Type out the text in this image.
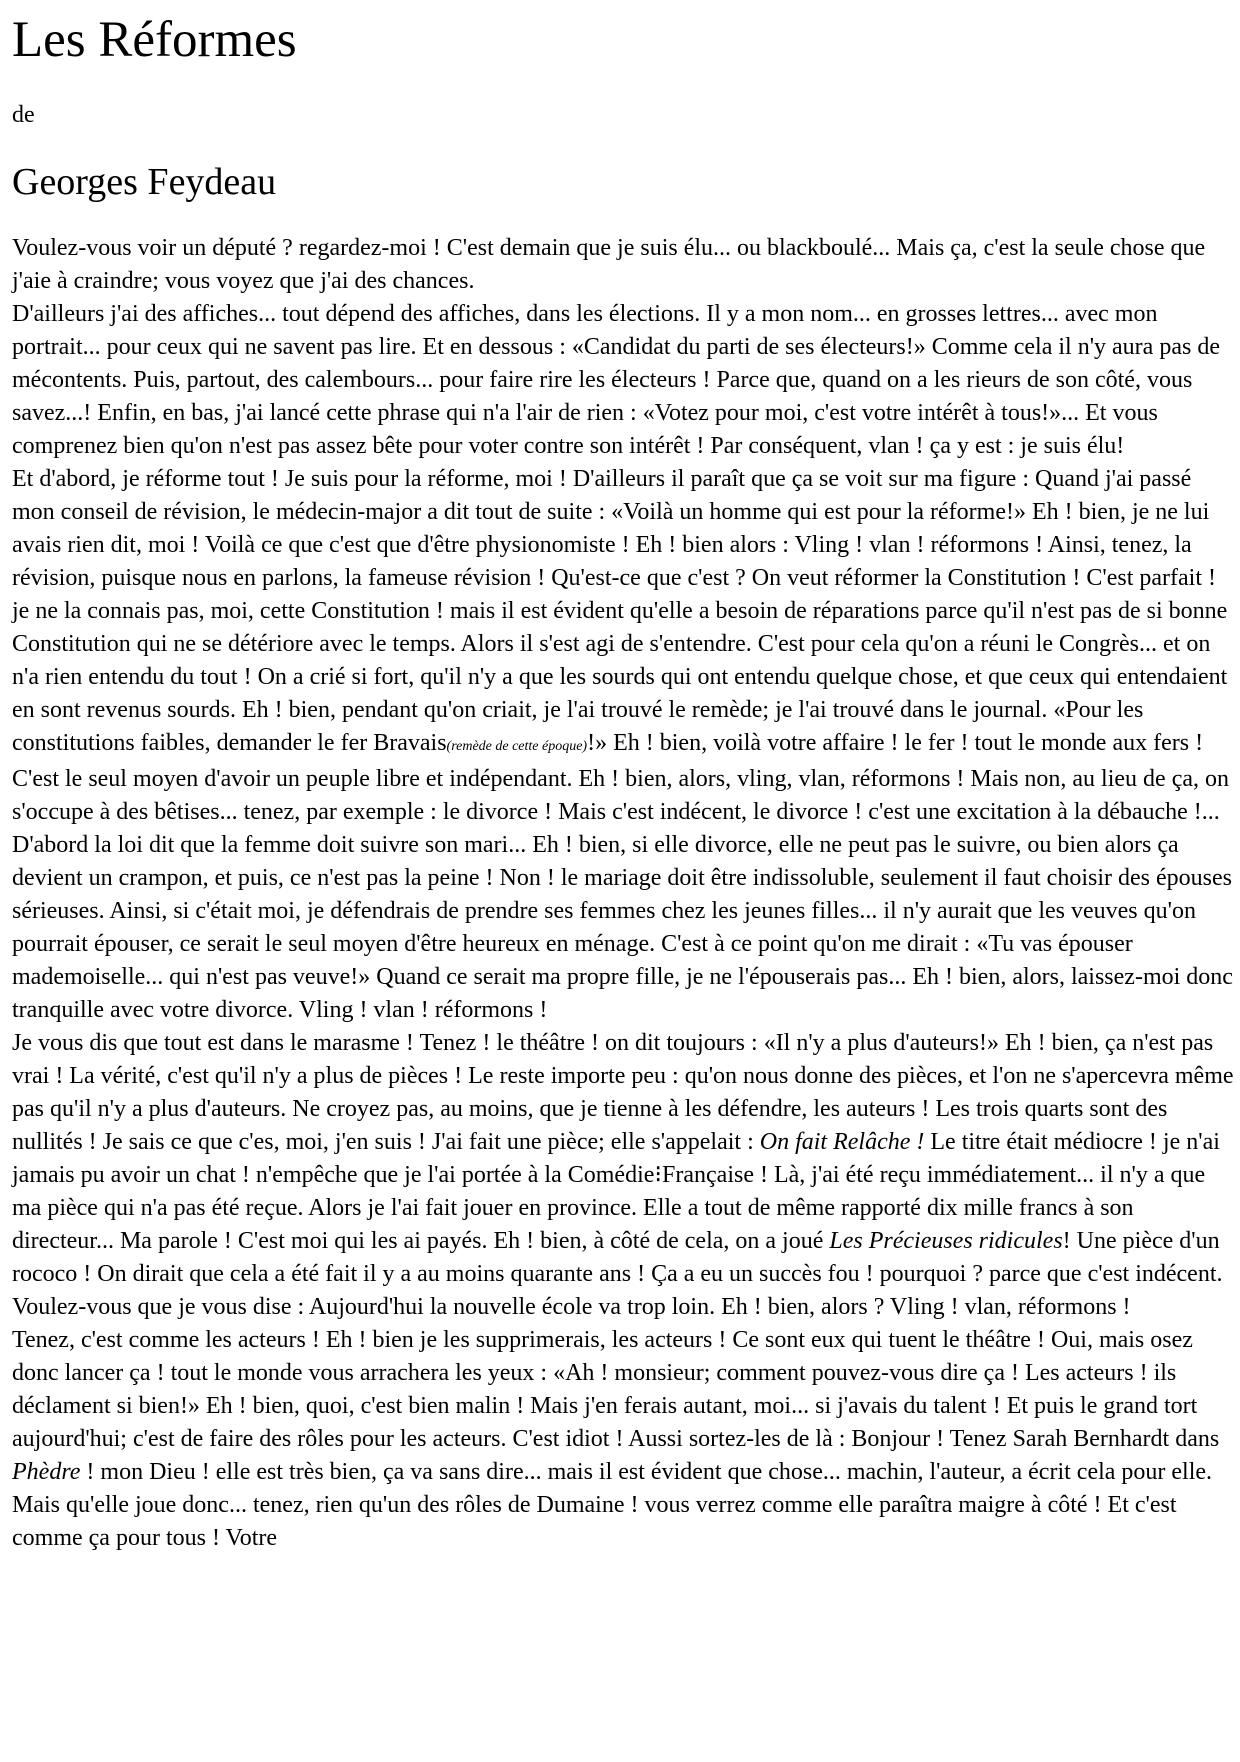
Les Réformes
de
Georges Feydeau
Voulez-vous voir un député ? regardez-moi ! C'est demain que je suis élu... ou blackboulé... Mais ça, c'est la seule chose que j'aie à craindre; vous voyez que j'ai des chances.
D'ailleurs j'ai des affiches... tout dépend des affiches, dans les élections. Il y a mon nom... en grosses lettres... avec mon portrait... pour ceux qui ne savent pas lire. Et en dessous : «Candidat du parti de ses électeurs!» Comme cela il n'y aura pas de mécontents. Puis, partout, des calembours... pour faire rire les électeurs ! Parce que, quand on a les rieurs de son côté, vous savez...! Enfin, en bas, j'ai lancé cette phrase qui n'a l'air de rien : «Votez pour moi, c'est votre intérêt à tous!»... Et vous comprenez bien qu'on n'est pas assez bête pour voter contre son intérêt ! Par conséquent, vlan ! ça y est : je suis élu!
Et d'abord, je réforme tout ! Je suis pour la réforme, moi ! D'ailleurs il paraît que ça se voit sur ma figure : Quand j'ai passé mon conseil de révision, le médecin-major a dit tout de suite : «Voilà un homme qui est pour la réforme!» Eh ! bien, je ne lui avais rien dit, moi ! Voilà ce que c'est que d'être physionomiste ! Eh ! bien alors : Vling ! vlan ! réformons ! Ainsi, tenez, la révision, puisque nous en parlons, la fameuse révision ! Qu'est-ce que c'est ? On veut réformer la Constitution ! C'est parfait ! je ne la connais pas, moi, cette Constitution ! mais il est évident qu'elle a besoin de réparations parce qu'il n'est pas de si bonne Constitution qui ne se détériore avec le temps. Alors il s'est agi de s'entendre. C'est pour cela qu'on a réuni le Congrès... et on n'a rien entendu du tout ! On a crié si fort, qu'il n'y a que les sourds qui ont entendu quelque chose, et que ceux qui entendaient en sont revenus sourds. Eh ! bien, pendant qu'on criait, je l'ai trouvé le remède; je l'ai trouvé dans le journal. «Pour les constitutions faibles, demander le fer Bravais(remède de cette époque)!» Eh ! bien, voilà votre affaire ! le fer ! tout le monde aux fers ! C'est le seul moyen d'avoir un peuple libre et indépendant. Eh ! bien, alors, vling, vlan, réformons ! Mais non, au lieu de ça, on s'occupe à des bêtises... tenez, par exemple : le divorce ! Mais c'est indécent, le divorce ! c'est une excitation à la débauche !... D'abord la loi dit que la femme doit suivre son mari... Eh ! bien, si elle divorce, elle ne peut pas le suivre, ou bien alors ça devient un crampon, et puis, ce n'est pas la peine ! Non ! le mariage doit être indissoluble, seulement il faut choisir des épouses sérieuses. Ainsi, si c'était moi, je défendrais de prendre ses femmes chez les jeunes filles... il n'y aurait que les veuves qu'on pourrait épouser, ce serait le seul moyen d'être heureux en ménage. C'est à ce point qu'on me dirait : «Tu vas épouser mademoiselle... qui n'est pas veuve!» Quand ce serait ma propre fille, je ne l'épouserais pas... Eh ! bien, alors, laissez-moi donc tranquille avec votre divorce. Vling ! vlan ! réformons !
Je vous dis que tout est dans le marasme ! Tenez ! le théâtre ! on dit toujours : «Il n'y a plus d'auteurs!» Eh ! bien, ça n'est pas vrai ! La vérité, c'est qu'il n'y a plus de pièces ! Le reste importe peu : qu'on nous donne des pièces, et l'on ne s'apercevra même pas qu'il n'y a plus d'auteurs. Ne croyez pas, au moins, que je tienne à les défendre, les auteurs ! Les trois quarts sont des nullités ! Je sais ce que c'es, moi, j'en suis ! J'ai fait une pièce; elle s'appelait : On fait Relâche ! Le titre était médiocre ! je n'ai jamais pu avoir un chat ! n'empêche que je l'ai portée à la Comédie⁝Française ! Là, j'ai été reçu immédiatement... il n'y a que ma pièce qui n'a pas été reçue. Alors je l'ai fait jouer en province. Elle a tout de même rapporté dix mille francs à son directeur... Ma parole ! C'est moi qui les ai payés. Eh ! bien, à côté de cela, on a joué Les Précieuses ridicules! Une pièce d'un rococo ! On dirait que cela a été fait il y a au moins quarante ans ! Ça a eu un succès fou ! pourquoi ? parce que c'est indécent. Voulez-vous que je vous dise : Aujourd'hui la nouvelle école va trop loin. Eh ! bien, alors ? Vling ! vlan, réformons !
Tenez, c'est comme les acteurs ! Eh ! bien je les supprimerais, les acteurs ! Ce sont eux qui tuent le théâtre ! Oui, mais osez donc lancer ça ! tout le monde vous arrachera les yeux : «Ah ! monsieur; comment pouvez-vous dire ça ! Les acteurs ! ils déclament si bien!» Eh ! bien, quoi, c'est bien malin ! Mais j'en ferais autant, moi... si j'avais du talent ! Et puis le grand tort aujourd'hui; c'est de faire des rôles pour les acteurs. C'est idiot ! Aussi sortez-les de là : Bonjour ! Tenez Sarah Bernhardt dans Phèdre ! mon Dieu ! elle est très bien, ça va sans dire... mais il est évident que chose... machin, l'auteur, a écrit cela pour elle. Mais qu'elle joue donc... tenez, rien qu'un des rôles de Dumaine ! vous verrez comme elle paraîtra maigre à côté ! Et c'est comme ça pour tous ! Votre
